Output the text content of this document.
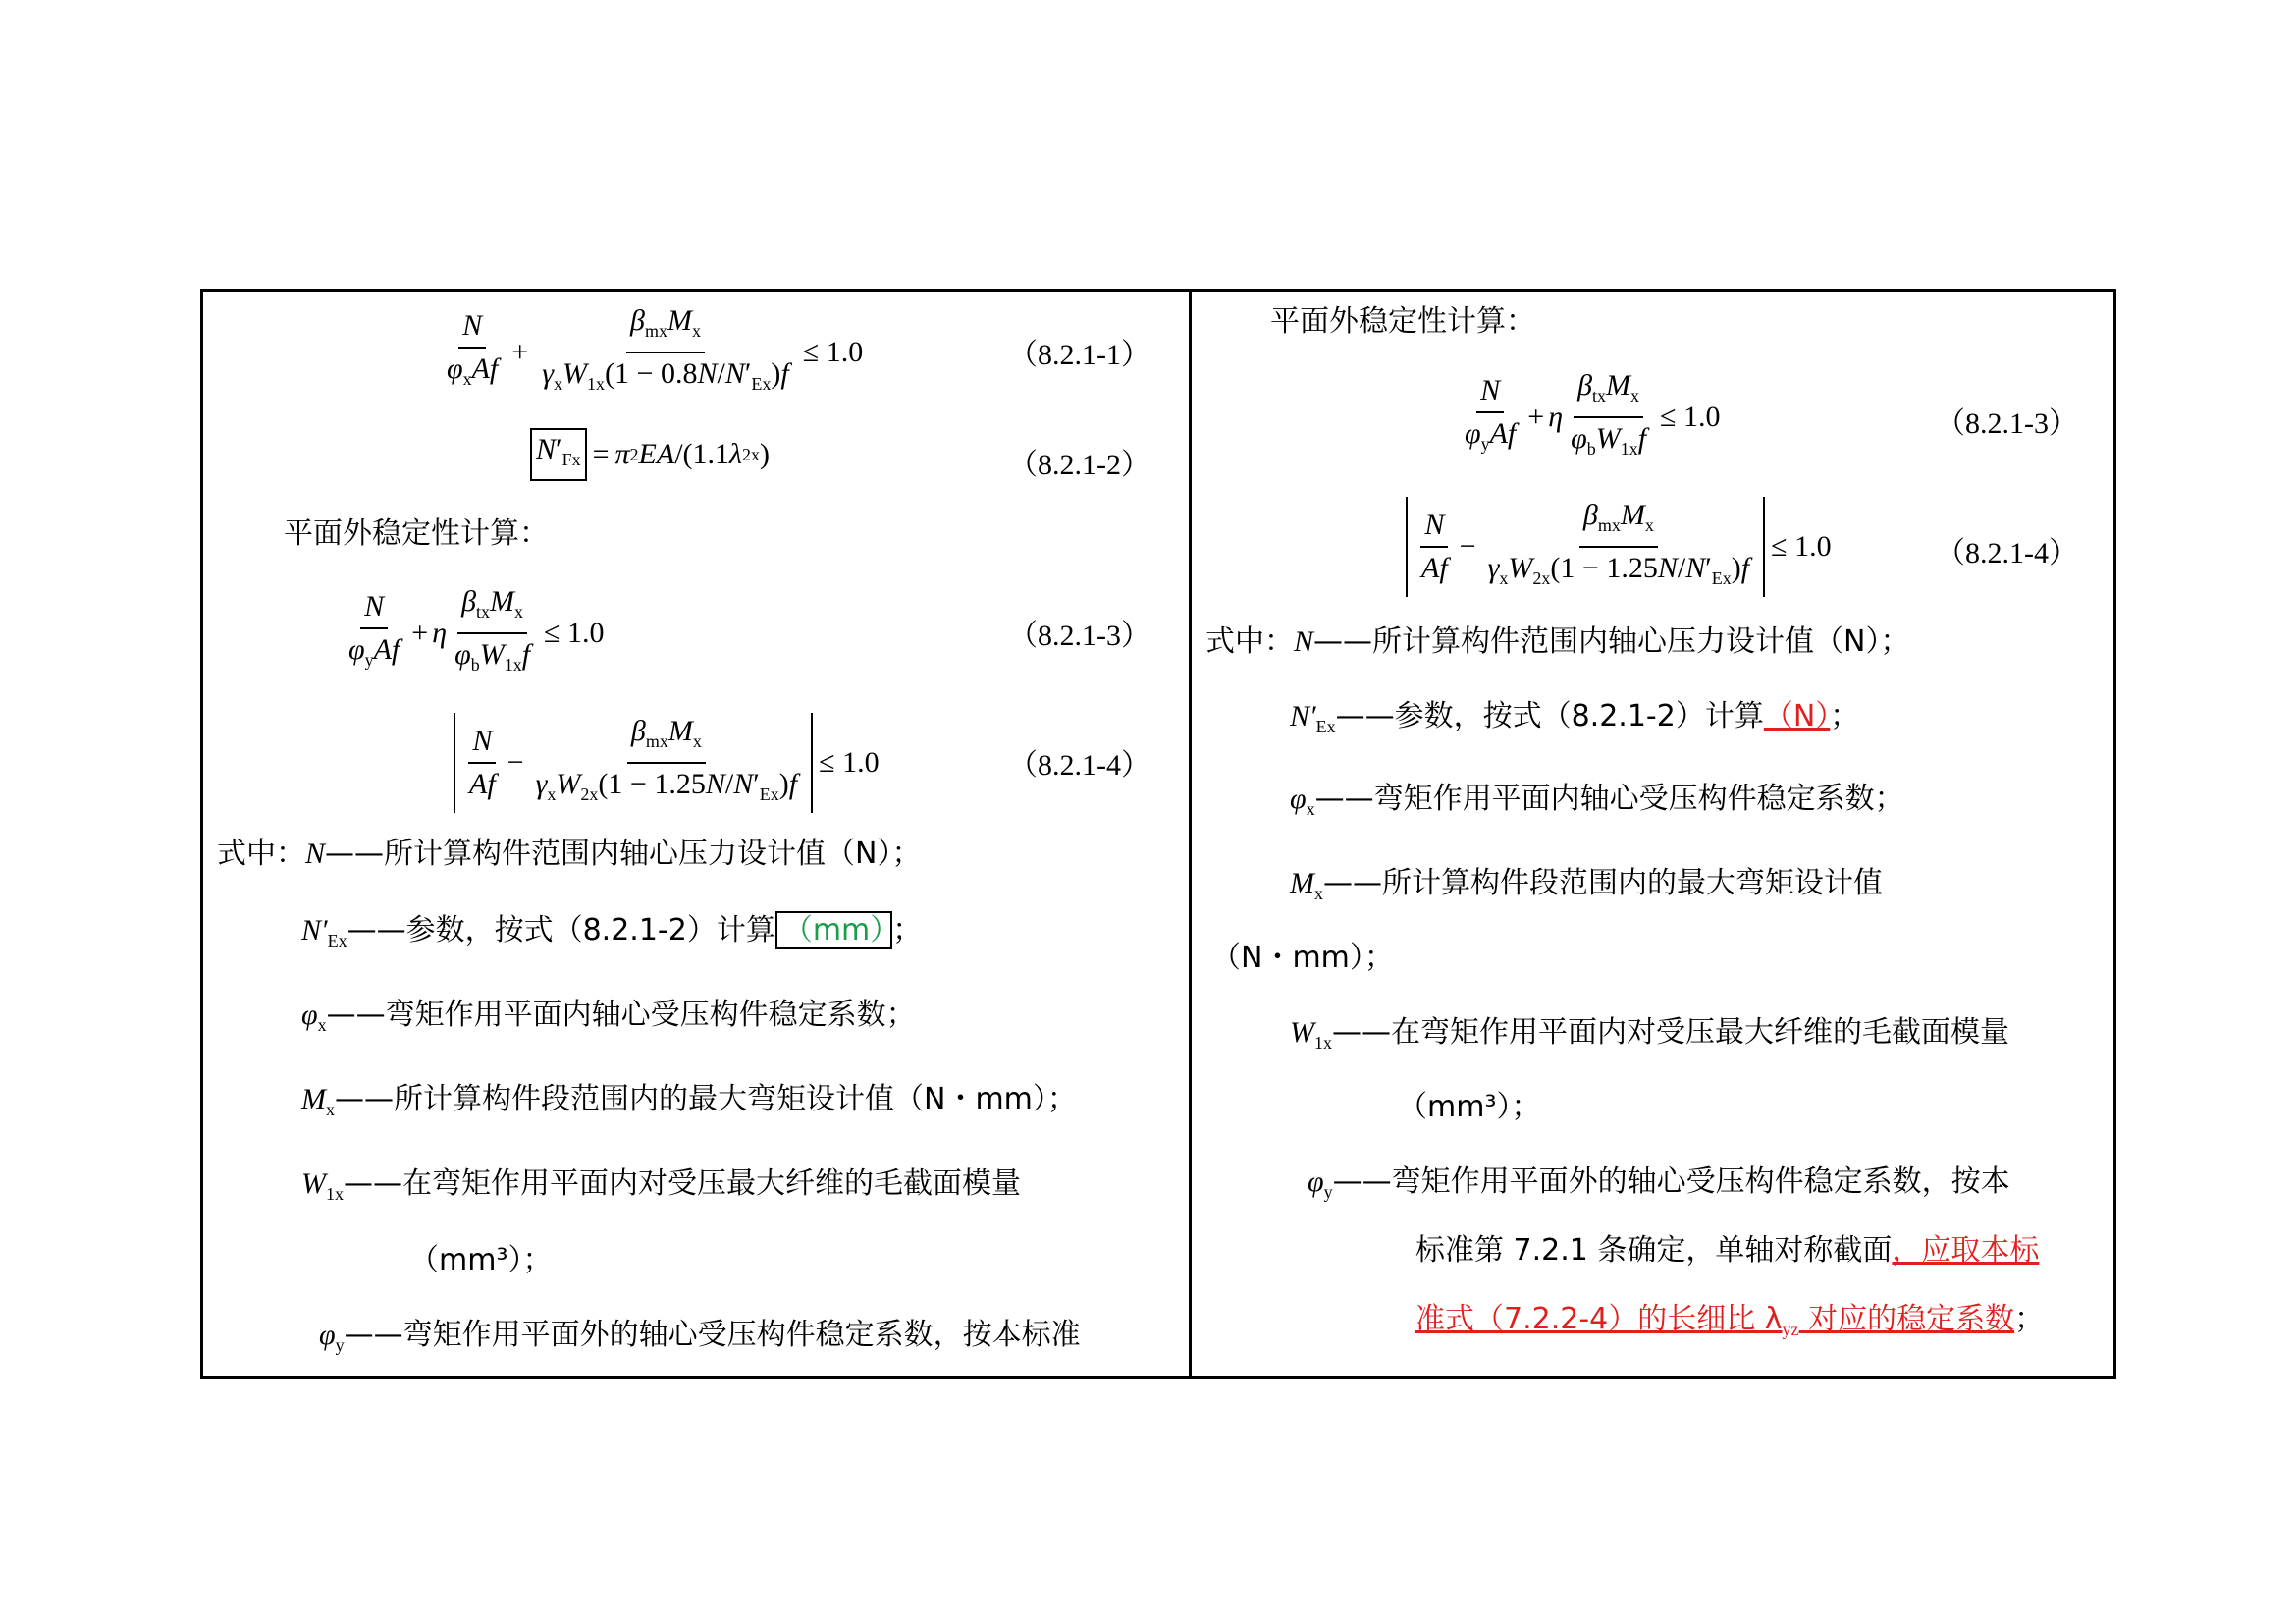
$\frac{N}{\varphi_xAf} + \frac{\beta_{mx}M_x}{\gamma_xW_{1x}(1 - 0.8N/N'_{Ex})f} \le 1.0$	（8.2.1-1）
$N'_{Fx} = \pi$ 2 EA /(1.1 λ 2 x )	（8.2.1-2）
平面外稳定性计算：
$\frac{N}{\varphi_yAf} + \eta \frac{\beta_{tx}M_x}{\varphi_bW_{1x}f} \le 1.0$	（8.2.1-3）
$\frac{N}{Af} - \frac{\beta_{mx}M_x}{\gamma_xW_{2x}(1 - 1.25N/N'_{Ex})f} \le 1.0$	（8.2.1-4）
式中：N——所计算构件范围内轴心压力设计值（N）；
$N'_{Ex}——$参数，按式（8.2.1-2）计算 （mm） ；
$\varphi_x——$弯矩作用平面内轴心受压构件稳定系数；
$M_x——$所计算构件段范围内的最大弯矩设计值（N・mm）；
$W_{1x}——$在弯矩作用平面内对受压最大纤维的毛截面模量
（mm³）；
$\varphi_y——$弯矩作用平面外的轴心受压构件稳定系数，按本标准
平面外稳定性计算：
$\frac{N}{\varphi_yAf} + \eta \frac{\beta_{tx}M_x}{\varphi_bW_{1x}f} \le 1.0$	（8.2.1-3）
$\frac{N}{Af} - \frac{\beta_{mx}M_x}{\gamma_xW_{2x}(1 - 1.25N/N'_{Ex})f} \le 1.0$	（8.2.1-4）
式中：N——所计算构件范围内轴心压力设计值（N）；
$N'_{Ex}——$参数，按式（8.2.1-2）计算（N）；
$\varphi_x——$弯矩作用平面内轴心受压构件稳定系数；
$M_x——$所计算构件段范围内的最大弯矩设计值
（N・mm）；
$W_{1x}——$在弯矩作用平面内对受压最大纤维的毛截面模量
（mm³）；
$\varphi_y——$弯矩作用平面外的轴心受压构件稳定系数，按本
标准第 7.2.1 条确定，单轴对称截面，应取本标
准式（7.2.2-4）的长细比 $\lambda_{yz}$ 对应的稳定系数；
